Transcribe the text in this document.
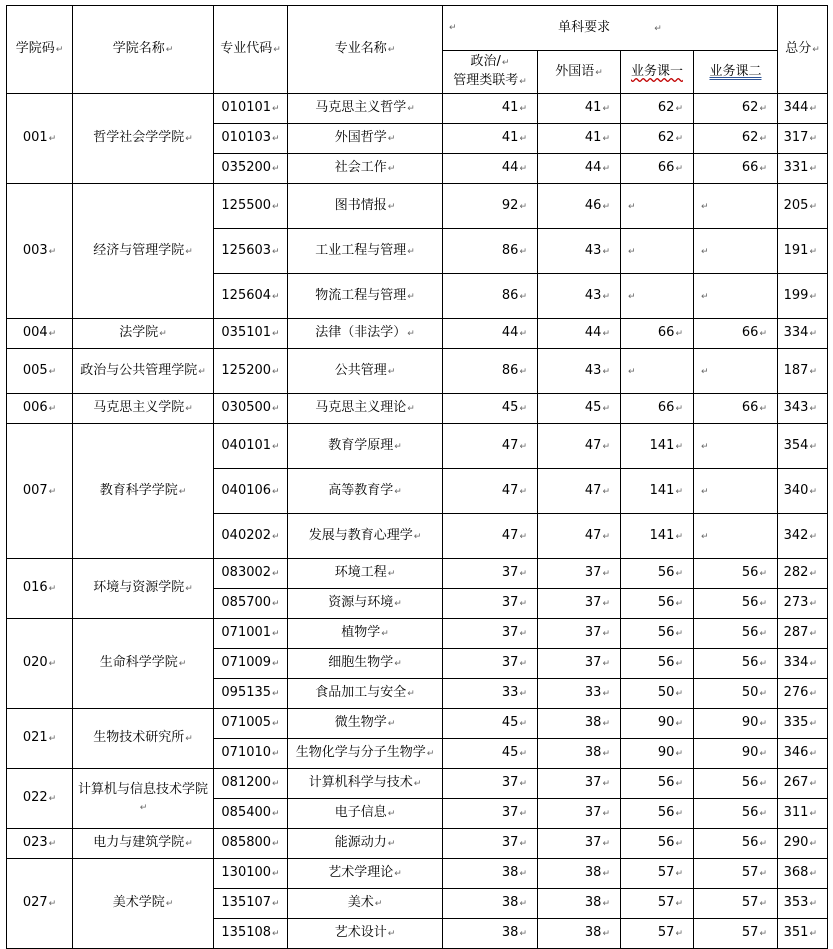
学院码↵	学院名称↵	专业代码↵	专业名称↵	↵ 单科要求 ↵				总分↵

				政治/↵
管理类联考↵	外国语↵	业务课一	业务课二	
001↵	哲学社会学学院↵	010101↵	马克思主义哲学↵	41↵	41↵	62↵	62↵	344↵
		010103↵	外国哲学↵	41↵	41↵	62↵	62↵	317↵
		035200↵	社会工作↵	44↵	44↵	66↵	66↵	331↵
003↵	经济与管理学院↵	125500↵	图书情报↵	92↵	46↵	↵	↵	205↵
		125603↵	工业工程与管理↵	86↵	43↵	↵	↵	191↵
		125604↵	物流工程与管理↵	86↵	43↵	↵	↵	199↵
004↵	法学院↵	035101↵	法律（非法学）↵	44↵	44↵	66↵	66↵	334↵
005↵	政治与公共管理学院↵	125200↵	公共管理↵	86↵	43↵	↵	↵	187↵
006↵	马克思主义学院↵	030500↵	马克思主义理论↵	45↵	45↵	66↵	66↵	343↵
007↵	教育科学学院↵	040101↵	教育学原理↵	47↵	47↵	141↵	↵	354↵
		040106↵	高等教育学↵	47↵	47↵	141↵	↵	340↵
		040202↵	发展与教育心理学↵	47↵	47↵	141↵	↵	342↵
016↵	环境与资源学院↵	083002↵	环境工程↵	37↵	37↵	56↵	56↵	282↵
		085700↵	资源与环境↵	37↵	37↵	56↵	56↵	273↵
020↵	生命科学学院↵	071001↵	植物学↵	37↵	37↵	56↵	56↵	287↵
		071009↵	细胞生物学↵	37↵	37↵	56↵	56↵	334↵
		095135↵	食品加工与安全↵	33↵	33↵	50↵	50↵	276↵
021↵	生物技术研究所↵	071005↵	微生物学↵	45↵	38↵	90↵	90↵	335↵
		071010↵	生物化学与分子生物学↵	45↵	38↵	90↵	90↵	346↵
022↵	计算机与信息技术学院↵	081200↵	计算机科学与技术↵	37↵	37↵	56↵	56↵	267↵
		085400↵	电子信息↵	37↵	37↵	56↵	56↵	311↵
023↵	电力与建筑学院↵	085800↵	能源动力↵	37↵	37↵	56↵	56↵	290↵
027↵	美术学院↵	130100↵	艺术学理论↵	38↵	38↵	57↵	57↵	368↵
		135107↵	美术↵	38↵	38↵	57↵	57↵	353↵
		135108↵	艺术设计↵	38↵	38↵	57↵	57↵	351↵
